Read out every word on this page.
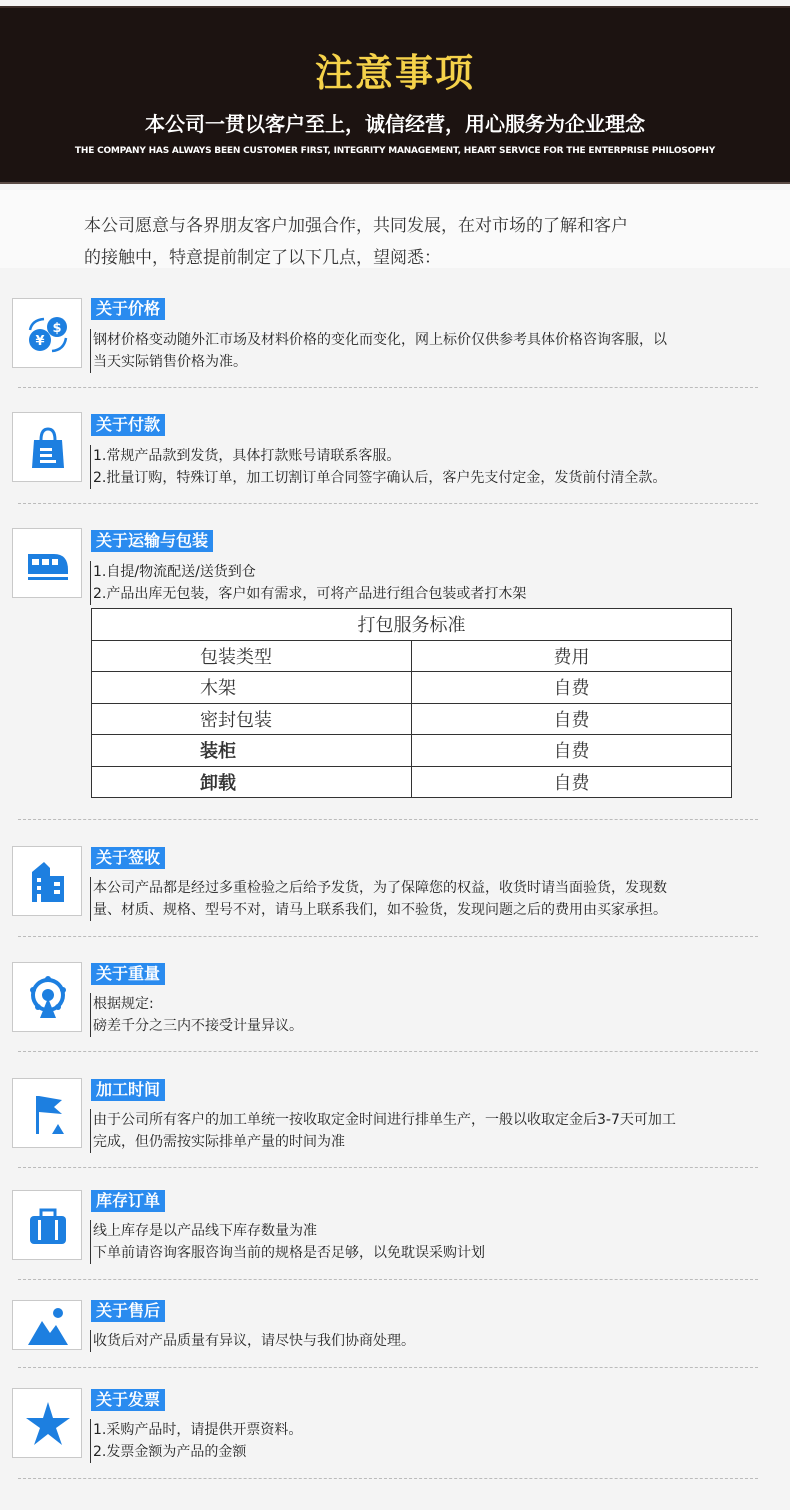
注意事项
本公司一贯以客户至上，诚信经营，用心服务为企业理念
THE COMPANY HAS ALWAYS BEEN CUSTOMER FIRST, INTEGRITY MANAGEMENT, HEART SERVICE FOR THE ENTERPRISE PHILOSOPHY
本公司愿意与各界朋友客户加强合作，共同发展，在对市场的了解和客户
的接触中，特意提前制定了以下几点，望阅悉：
¥
$
关于价格
钢材价格变动随外汇市场及材料价格的变化而变化，网上标价仅供参考具体价格咨询客服，以
当天实际销售价格为准。
关于付款
1.常规产品款到发货，具体打款账号请联系客服。
2.批量订购，特殊订单，加工切割订单合同签字确认后，客户先支付定金，发货前付清全款。
关于运输与包装
1.自提/物流配送/送货到仓
2.产品出库无包装，客户如有需求，可将产品进行组合包装或者打木架
打包服务标准	
包装类型	费用
木架	自费
密封包装	自费
装柜	自费
卸载	自费
关于签收
本公司产品都是经过多重检验之后给予发货，为了保障您的权益，收货时请当面验货，发现数
量、材质、规格、型号不对，请马上联系我们，如不验货，发现问题之后的费用由买家承担。
关于重量
根据规定:
磅差千分之三内不接受计量异议。
加工时间
由于公司所有客户的加工单统一按收取定金时间进行排单生产，一般以收取定金后3-7天可加工
完成，但仍需按实际排单产量的时间为准
库存订单
线上库存是以产品线下库存数量为准
下单前请咨询客服咨询当前的规格是否足够，以免耽误采购计划
关于售后
收货后对产品质量有异议，请尽快与我们协商处理。
关于发票
1.采购产品时，请提供开票资料。
2.发票金额为产品的金额
